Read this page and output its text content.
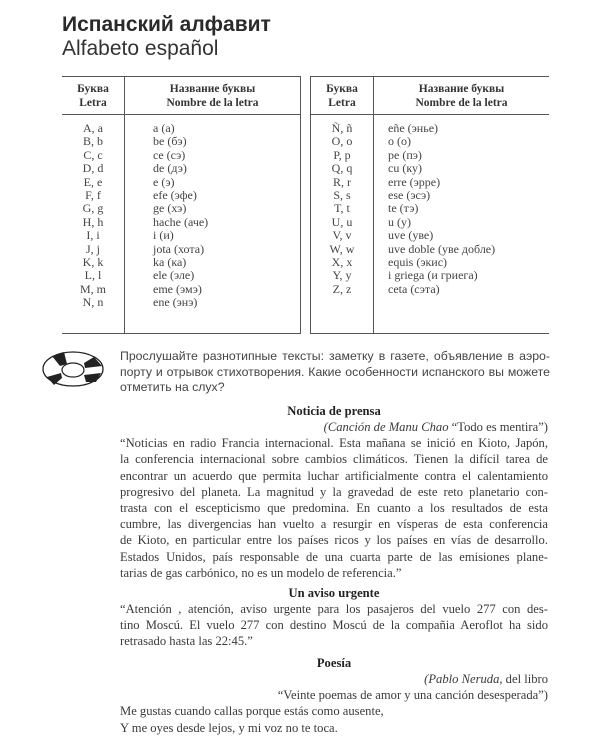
Испанский алфавит
Alfabeto español
Буква
Letra
Название буквы
Nombre de la letra
A, a
B, b
C, c
D, d
E, e
F, f
G, g
H, h
I, i
J, j
K, k
L, l
M, m
N, n
a (а)
be (бэ)
ce (сэ)
de (дэ)
e (э)
efe (эфе)
ge (хэ)
hache (аче)
i (и)
jota (хота)
ka (ка)
ele (эле)
eme (эмэ)
ene (энэ)
Буква
Letra
Название буквы
Nombre de la letra
Ñ, ñ
O, o
P, p
Q, q
R, r
S, s
T, t
U, u
V, v
W, w
X, x
Y, y
Z, z
eñe (энье)
o (о)
pe (пэ)
cu (ку)
erre (эрре)
ese (эсэ)
te (тэ)
u (у)
uve (уве)
uve doble (уве добле)
equis (экис)
i griega (и гриега)
ceta (сэта)
Прослушайте разнотипные тексты: заметку в газете, объявление в аэро-
порту и отрывок стихотворения. Какие особенности испанского вы можете
отметить на слух?
Noticia de prensa
(Canción de Manu Chao “Todo es mentira”)
“Noticias en radio Francia internacional. Esta mañana se inició en Kioto, Japón,
la conferencia internacional sobre cambios climáticos. Tienen la difícil tarea de
encontrar un acuerdo que permita luchar artificialmente contra el calentamiento
progresivo del planeta. La magnitud y la gravedad de este reto planetario con-
trasta con el escepticismo que predomina. En cuanto a los resultados de esta
cumbre, las divergencias han vuelto a resurgir en vísperas de esta conferencia
de Kioto, en particular entre los países ricos y los países en vías de desarrollo.
Estados Unidos, país responsable de una cuarta parte de las emisiones plane-
tarias de gas carbónico, no es un modelo de referencia.”
Un aviso urgente
“Atención , atención, aviso urgente para los pasajeros del vuelo 277 con des-
tino Moscú. El vuelo 277 con destino Moscú de la compañia Aeroflot ha sido
retrasado hasta las 22:45.”
Poesía
(Pablo Neruda, del libro
“Veinte poemas de amor y una canción desesperada”)
Me gustas cuando callas porque estás como ausente,
Y me oyes desde lejos, y mi voz no te toca.
